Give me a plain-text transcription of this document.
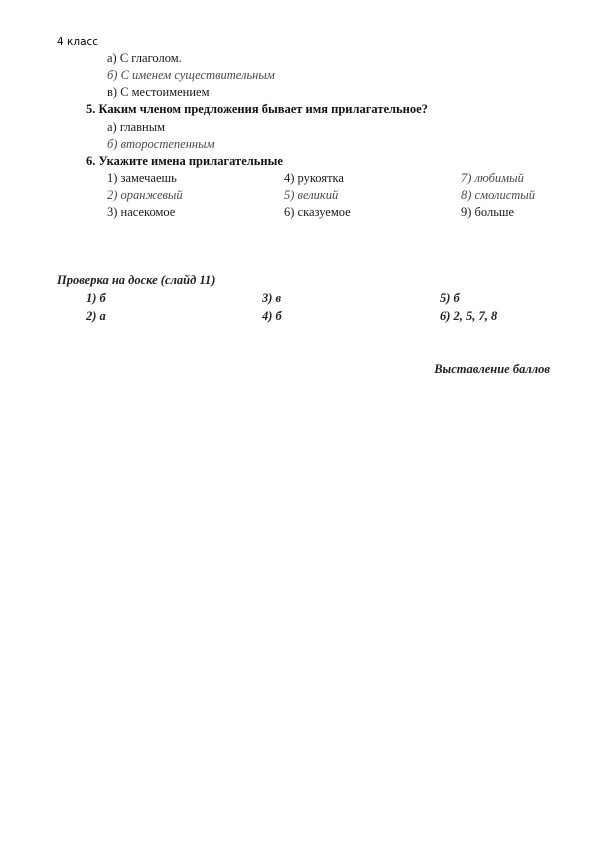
4 класс
а) С глаголом.
б) С именем существительным
в) С местоимением
5. Каким членом предложения бывает имя прилагательное?
а) главным
б) второстепенным
6. Укажите имена прилагательные
1) замечаешь	4) рукоятка	7) любимый
2) оранжевый	5) великий	8) смолистый
3) насекомое	6) сказуемое	9) больше
Проверка на доске (слайд 11)
1) б	3) в	5) б
2) а	4) б	6) 2, 5, 7, 8
Выставление баллов
